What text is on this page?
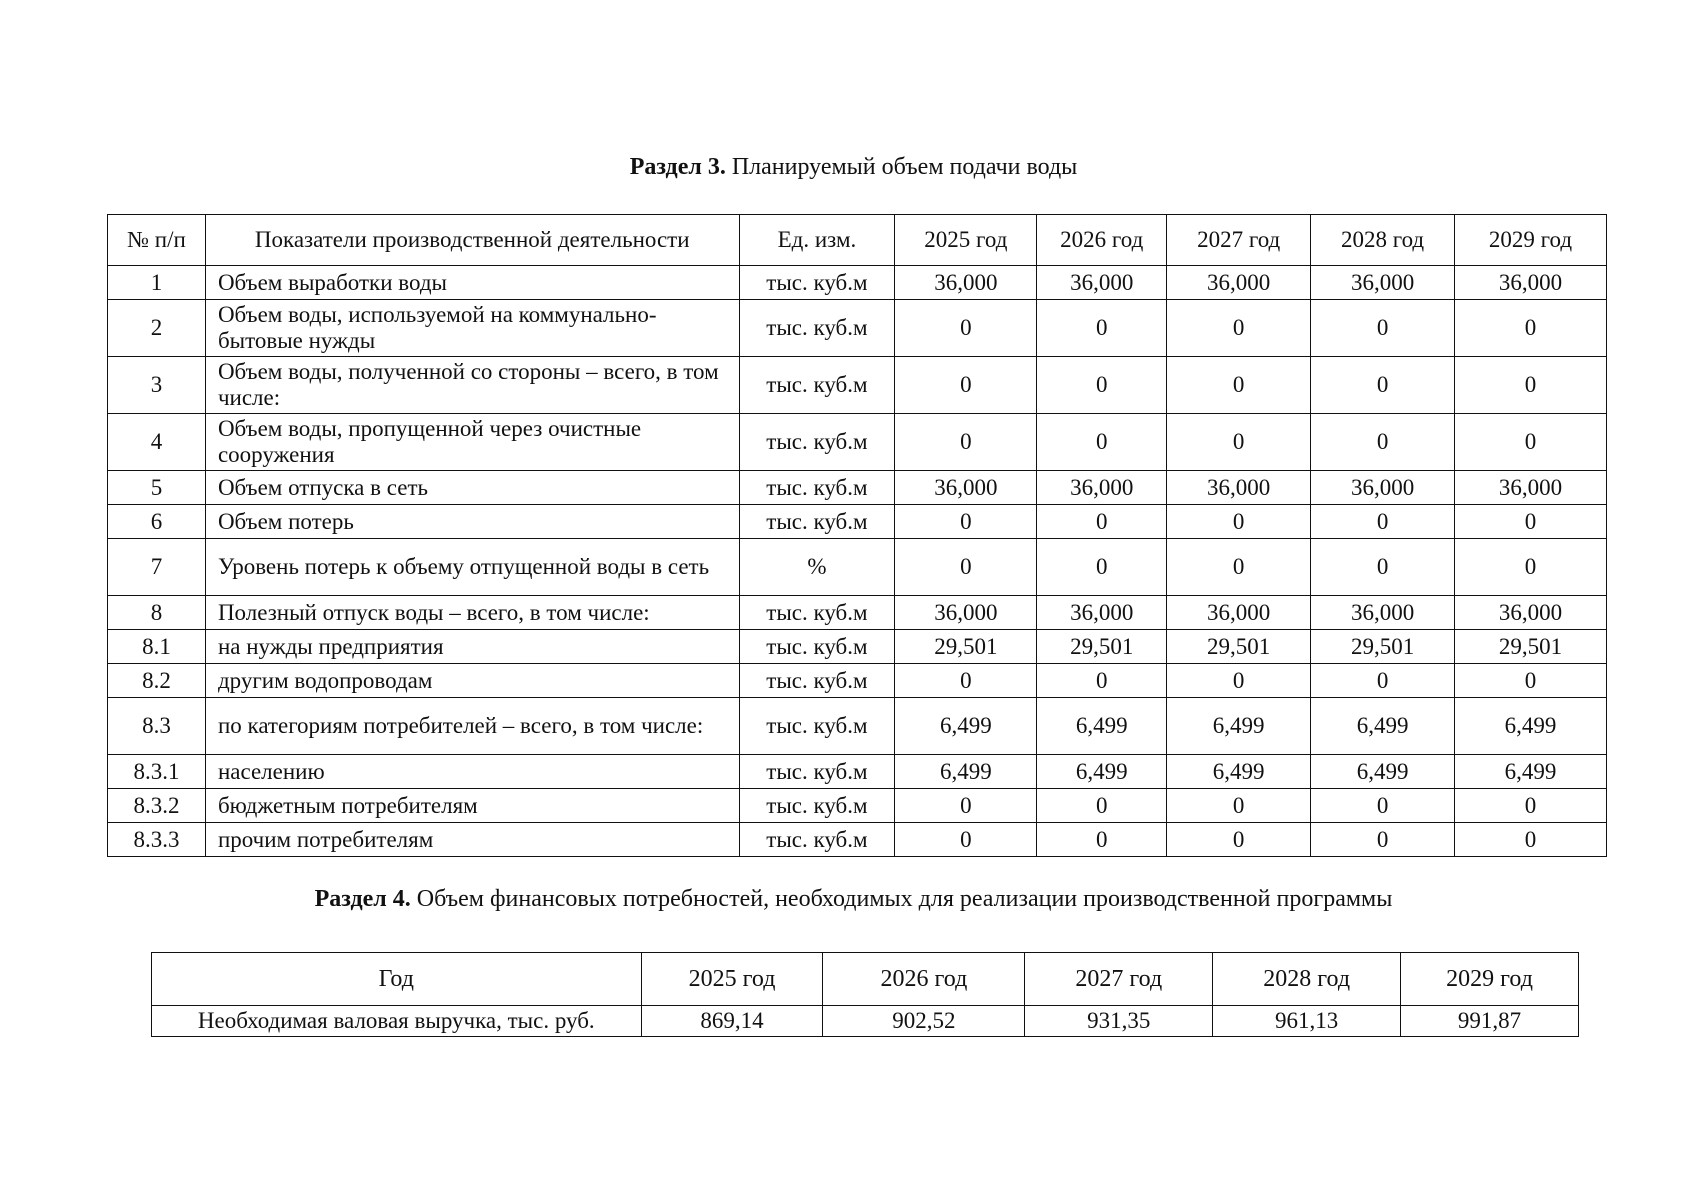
Раздел 3. Планируемый объем подачи воды
№ п/п	Показатели производственной деятельности	Ед. изм.	2025 год	2026 год	2027 год	2028 год	2029 год
1	Объем выработки воды	тыс. куб.м	36,000	36,000	36,000	36,000	36,000
2	Объем воды, используемой на коммунально-бытовые нужды	тыс. куб.м	0	0	0	0	0
3	Объем воды, полученной со стороны – всего, в том числе:	тыс. куб.м	0	0	0	0	0
4	Объем воды, пропущенной через очистные сооружения	тыс. куб.м	0	0	0	0	0
5	Объем отпуска в сеть	тыс. куб.м	36,000	36,000	36,000	36,000	36,000
6	Объем потерь	тыс. куб.м	0	0	0	0	0
7	Уровень потерь к объему отпущенной воды в сеть	%	0	0	0	0	0
8	Полезный отпуск воды – всего, в том числе:	тыс. куб.м	36,000	36,000	36,000	36,000	36,000
8.1	на нужды предприятия	тыс. куб.м	29,501	29,501	29,501	29,501	29,501
8.2	другим водопроводам	тыс. куб.м	0	0	0	0	0
8.3	по категориям потребителей – всего, в том числе:	тыс. куб.м	6,499	6,499	6,499	6,499	6,499
8.3.1	населению	тыс. куб.м	6,499	6,499	6,499	6,499	6,499
8.3.2	бюджетным потребителям	тыс. куб.м	0	0	0	0	0
8.3.3	прочим потребителям	тыс. куб.м	0	0	0	0	0
Раздел 4. Объем финансовых потребностей, необходимых для реализации производственной программы
Год	2025 год	2026 год	2027 год	2028 год	2029 год
Необходимая валовая выручка, тыс. руб.	869,14	902,52	931,35	961,13	991,87
